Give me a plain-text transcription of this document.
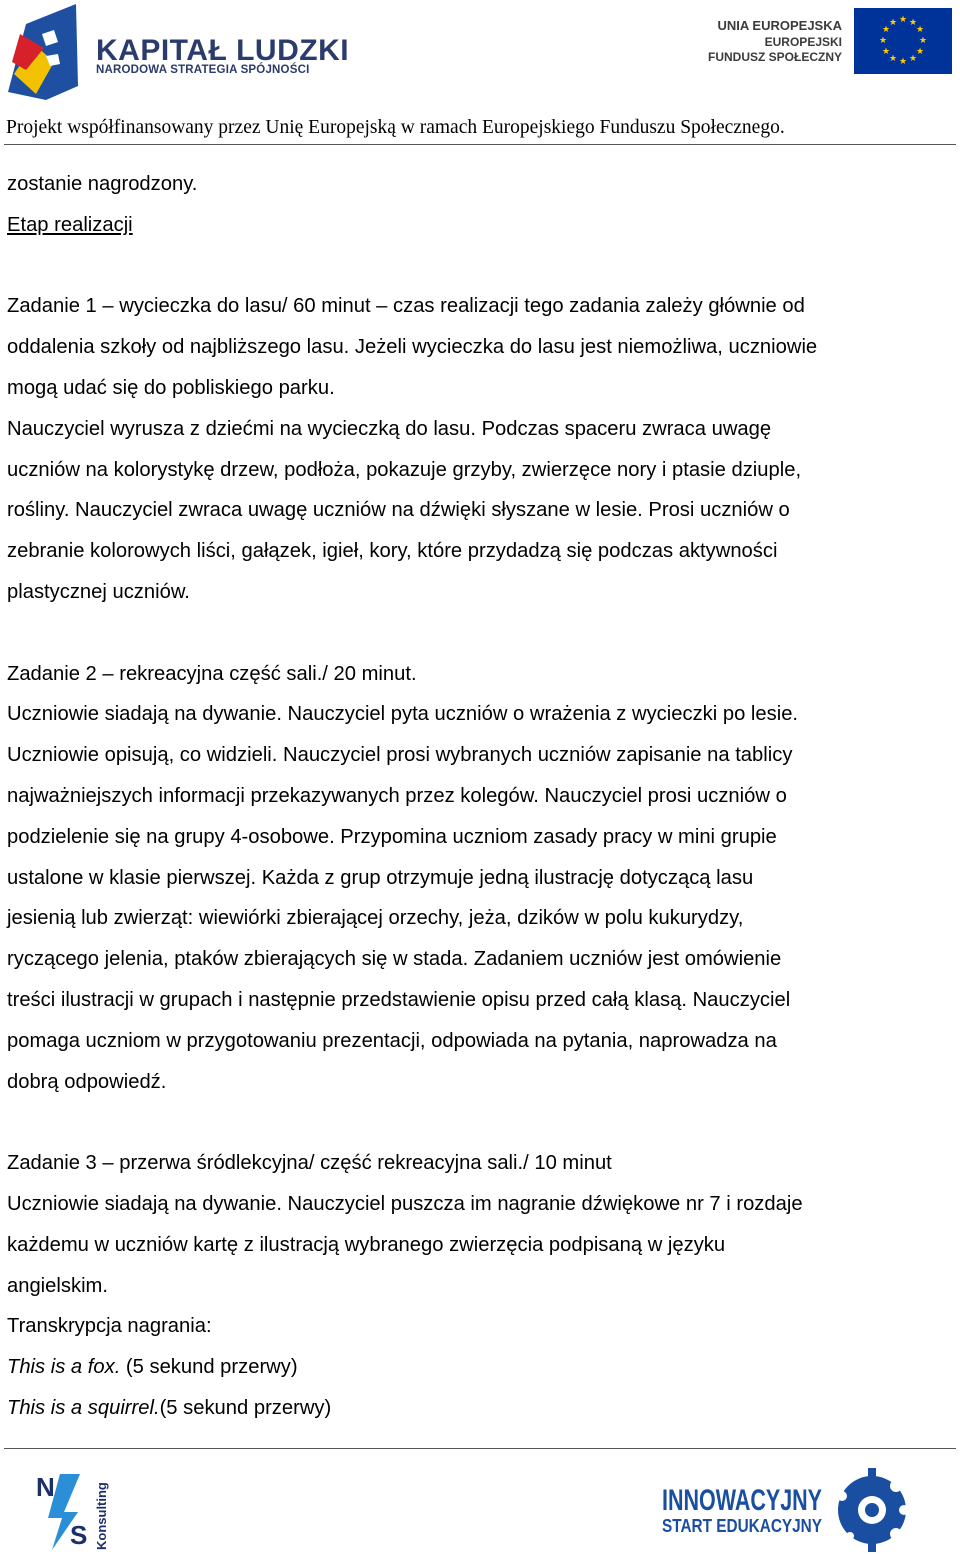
KAPITAŁ LUDZKI
NARODOWA STRATEGIA SPÓJNOŚCI
UNIA EUROPEJSKA
EUROPEJSKI
FUNDUSZ SPOŁECZNY
★ ★
★
★
★
★
★
★
★
★
★
★
Projekt współfinansowany przez Unię Europejską w ramach Europejskiego Funduszu Społecznego.

zostanie nagrodzony.

Etap realizacji

Zadanie 1 – wycieczka do lasu/ 60 minut – czas realizacji tego zadania zależy głównie od

oddalenia szkoły od najbliższego lasu. Jeżeli wycieczka do lasu jest niemożliwa, uczniowie

mogą udać się do pobliskiego parku.

Nauczyciel wyrusza z dziećmi na wycieczką do lasu. Podczas spaceru zwraca uwagę

uczniów na kolorystykę drzew, podłoża, pokazuje grzyby, zwierzęce nory i ptasie dziuple,

rośliny. Nauczyciel zwraca uwagę uczniów na dźwięki słyszane w lesie. Prosi uczniów o

zebranie kolorowych liści, gałązek, igieł, kory, które przydadzą się podczas aktywności

plastycznej uczniów.

Zadanie 2 – rekreacyjna część sali./ 20 minut.

Uczniowie siadają na dywanie. Nauczyciel pyta uczniów o wrażenia z wycieczki po lesie.

Uczniowie opisują, co widzieli. Nauczyciel prosi wybranych uczniów zapisanie na tablicy

najważniejszych informacji przekazywanych przez kolegów. Nauczyciel prosi uczniów o

podzielenie się na grupy 4-osobowe. Przypomina uczniom zasady pracy w mini grupie

ustalone w klasie pierwszej. Każda z grup otrzymuje jedną ilustrację dotyczącą lasu

jesienią lub zwierząt: wiewiórki zbierającej orzechy, jeża, dzików w polu kukurydzy,

ryczącego jelenia, ptaków zbierających się w stada. Zadaniem uczniów jest omówienie

treści ilustracji w grupach i następnie przedstawienie opisu przed całą klasą. Nauczyciel

pomaga uczniom w przygotowaniu prezentacji, odpowiada na pytania, naprowadza na

dobrą odpowiedź.

Zadanie 3 – przerwa śródlekcyjna/ część rekreacyjna sali./ 10 minut

Uczniowie siadają na dywanie. Nauczyciel puszcza im nagranie dźwiękowe nr 7 i rozdaje

każdemu w uczniów kartę z ilustracją wybranego zwierzęcia podpisaną w języku

angielskim.

Transkrypcja nagrania:

This is a fox. (5 sekund przerwy)

This is a squirrel.(5 sekund przerwy)

N
S Konsulting	INNOWACYJNY
START EDUKACYJNY
